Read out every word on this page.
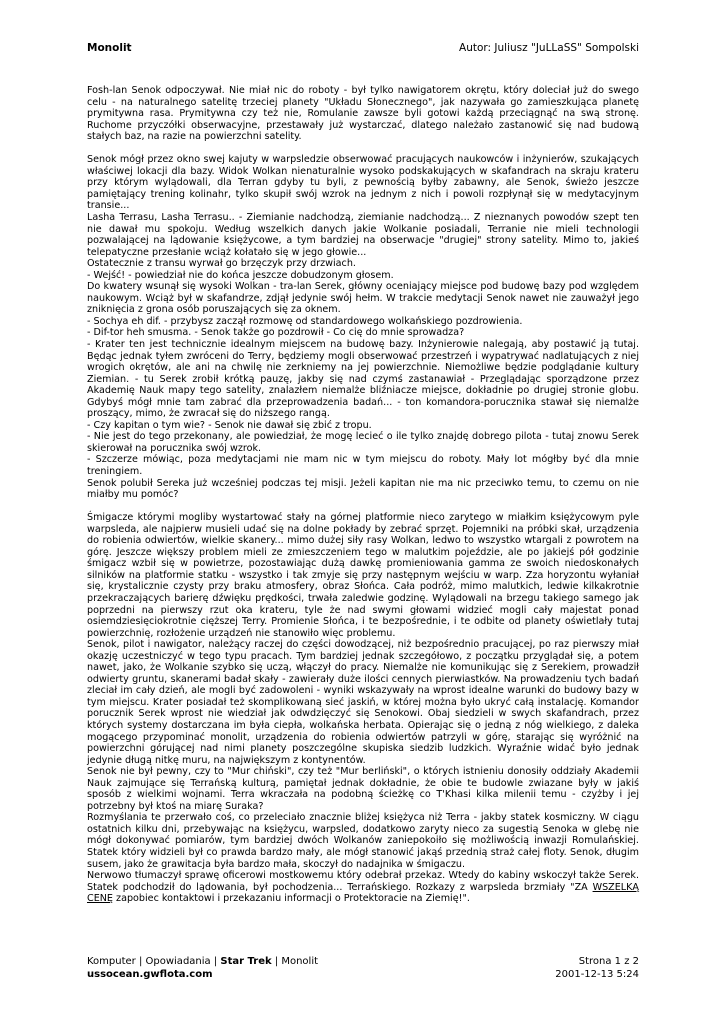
Monolit	Autor: Juliusz "JuLLaSS" Sompolski

Fosh-lan Senok odpoczywał. Nie miał nic do roboty - był tylko nawigatorem okrętu, który doleciał już do swego celu - na naturalnego satelitę trzeciej planety "Układu Słonecznego", jak nazywała go zamieszkująca planetę prymitywna rasa. Prymitywna czy też nie, Romulanie zawsze byli gotowi każdą przeciągnąć na swą stronę. Ruchome przyczółki obserwacyjne, przestawały już wystarczać, dlatego należało zastanowić się nad budową stałych baz, na razie na powierzchni satelity.

Senok mógł przez okno swej kajuty w warpsledzie obserwować pracujących naukowców i inżynierów, szukających właściwej lokacji dla bazy. Widok Wolkan nienaturalnie wysoko podskakujących w skafandrach na skraju krateru przy którym wylądowali, dla Terran gdyby tu byli, z pewnością byłby zabawny, ale Senok, świeżo jeszcze pamiętający trening kolinahr, tylko skupił swój wzrok na jednym z nich i powoli rozpłynął się w medytacyjnym transie...

Lasha Terrasu, Lasha Terrasu.. - Ziemianie nadchodzą, ziemianie nadchodzą... Z nieznanych powodów szept ten nie dawał mu spokoju. Według wszelkich danych jakie Wolkanie posiadali, Terranie nie mieli technologii pozwalającej na lądowanie księżycowe, a tym bardziej na obserwacje "drugiej" strony satelity. Mimo to, jakieś telepatyczne przesłanie wciąż kołatało się w jego głowie...

Ostatecznie z transu wyrwał go brzęczyk przy drzwiach.

- Wejść! - powiedział nie do końca jeszcze dobudzonym głosem.

Do kwatery wsunął się wysoki Wolkan - tra-lan Serek, główny oceniający miejsce pod budowę bazy pod względem naukowym. Wciąż był w skafandrze, zdjął jedynie swój hełm. W trakcie medytacji Senok nawet nie zauważył jego zniknięcia z grona osób poruszających się za oknem.

- Sochya eh dif. - przybysz zaczął rozmowę od standardowego wolkańskiego pozdrowienia.

- Dif-tor heh smusma. - Senok także go pozdrowił - Co cię do mnie sprowadza?

- Krater ten jest technicznie idealnym miejscem na budowę bazy. Inżynierowie nalegają, aby postawić ją tutaj. Będąc jednak tyłem zwróceni do Terry, będziemy mogli obserwować przestrzeń i wypatrywać nadlatujących z niej wrogich okrętów, ale ani na chwilę nie zerkniemy na jej powierzchnie. Niemożliwe będzie podglądanie kultury Ziemian. - tu Serek zrobił krótką pauzę, jakby się nad czymś zastanawiał - Przeglądając sporządzone przez Akademię Nauk mapy tego satelity, znalazłem niemalże bliźniacze miejsce, dokładnie po drugiej stronie globu. Gdybyś mógł mnie tam zabrać dla przeprowadzenia badań... - ton komandora-porucznika stawał się niemalże proszący, mimo, że zwracał się do niższego rangą.

- Czy kapitan o tym wie? - Senok nie dawał się zbić z tropu.

- Nie jest do tego przekonany, ale powiedział, że mogę lecieć o ile tylko znajdę dobrego pilota - tutaj znowu Serek skierował na porucznika swój wzrok.

- Szczerze mówiąc, poza medytacjami nie mam nic w tym miejscu do roboty. Mały lot mógłby być dla mnie treningiem.

Senok polubił Sereka już wcześniej podczas tej misji. Jeżeli kapitan nie ma nic przeciwko temu, to czemu on nie miałby mu pomóc?

Śmigacze którymi mogliby wystartować stały na górnej platformie nieco zarytego w miałkim księżycowym pyle warpsleda, ale najpierw musieli udać się na dolne pokłady by zebrać sprzęt. Pojemniki na próbki skał, urządzenia do robienia odwiertów, wielkie skanery... mimo dużej siły rasy Wolkan, ledwo to wszystko wtargali z powrotem na górę. Jeszcze większy problem mieli ze zmieszczeniem tego w malutkim pojeździe, ale po jakiejś pół godzinie śmigacz wzbił się w powietrze, pozostawiając dużą dawkę promieniowania gamma ze swoich niedoskonałych silników na platformie statku - wszystko i tak zmyje się przy następnym wejściu w warp. Zza horyzontu wyłaniał się, krystalicznie czysty przy braku atmosfery, obraz Słońca. Cała podróż, mimo malutkich, ledwie kilkakrotnie przekraczających barierę dźwięku prędkości, trwała zaledwie godzinę. Wylądowali na brzegu takiego samego jak poprzedni na pierwszy rzut oka krateru, tyle że nad swymi głowami widzieć mogli cały majestat ponad osiemdziesięciokrotnie cięższej Terry. Promienie Słońca, i te bezpośrednie, i te odbite od planety oświetlały tutaj powierzchnię, rozłożenie urządzeń nie stanowiło więc problemu.

Senok, pilot i nawigator, należący raczej do części dowodzącej, niż bezpośrednio pracującej, po raz pierwszy miał okazję uczestniczyć w tego typu pracach. Tym bardziej jednak szczegółowo, z początku przyglądał się, a potem nawet, jako, że Wolkanie szybko się uczą, włączył do pracy. Niemalże nie komunikując się z Serekiem, prowadził odwierty gruntu, skanerami badał skały - zawierały duże ilości cennych pierwiastków. Na prowadzeniu tych badań zleciał im cały dzień, ale mogli być zadowoleni - wyniki wskazywały na wprost idealne warunki do budowy bazy w tym miejscu. Krater posiadał też skomplikowaną sieć jaskiń, w której można było ukryć całą instalację. Komandor porucznik Serek wprost nie wiedział jak odwdzięczyć się Senokowi. Obaj siedzieli w swych skafandrach, przez których systemy dostarczana im była ciepła, wolkańska herbata. Opierając się o jedną z nóg wielkiego, z daleka mogącego przypominać monolit, urządzenia do robienia odwiertów patrzyli w górę, starając się wyróżnić na powierzchni górującej nad nimi planety poszczególne skupiska siedzib ludzkich. Wyraźnie widać było jednak jedynie długą nitkę muru, na największym z kontynentów.

Senok nie był pewny, czy to "Mur chiński", czy też "Mur berliński", o których istnieniu donosiły oddziały Akademii Nauk zajmujące się Terrańską kulturą, pamiętał jednak dokładnie, że obie te budowle zwiazane były w jakiś sposób z wielkimi wojnami. Terra wkraczała na podobną ścieżkę co T'Khasi kilka milenii temu - czyżby i jej potrzebny był ktoś na miarę Suraka?

Rozmyślania te przerwało coś, co przeleciało znacznie bliżej księżyca niż Terra - jakby statek kosmiczny. W ciągu ostatnich kilku dni, przebywając na księżycu, warpsled, dodatkowo zaryty nieco za sugestią Senoka w glebę nie mógł dokonywać pomiarów, tym bardziej dwóch Wolkanów zaniepokoiło się możliwością inwazji Romulańskiej. Statek który widzieli był co prawda bardzo mały, ale mógł stanowić jakąś przednią straż całej floty. Senok, długim susem, jako że grawitacja była bardzo mała, skoczył do nadajnika w śmigaczu.

Nerwowo tłumaczył sprawę oficerowi mostkowemu który odebrał przekaz. Wtedy do kabiny wskoczył także Serek. Statek podchodził do lądowania, był pochodzenia... Terrańskiego. Rozkazy z warpsleda brzmiały "ZA WSZELKĄ CENĘ zapobiec kontaktowi i przekazaniu informacji o Protektoracie na Ziemię!".

Komputer | Opowiadania | Star Trek | Monolit
ussocean.gwflota.com
Strona 1 z 2
2001-12-13 5:24
